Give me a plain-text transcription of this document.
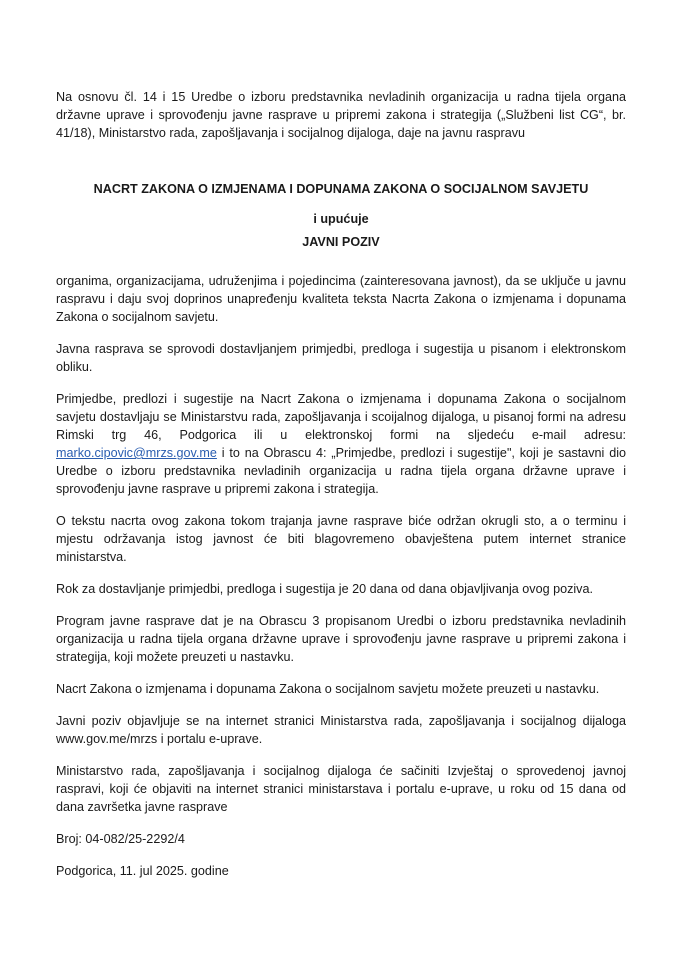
Na osnovu čl. 14 i 15 Uredbe o izboru predstavnika nevladinih organizacija u radna tijela organa državne uprave i sprovođenju javne rasprave u pripremi zakona i strategija („Službeni list CG“, br. 41/18), Ministarstvo rada, zapošljavanja i socijalnog dijaloga, daje na javnu raspravu

NACRT ZAKONA O IZMJENAMA I DOPUNAMA ZAKONA O SOCIJALNOM SAVJETU

i upućuje

JAVNI POZIV

organima, organizacijama, udruženjima i pojedincima (zainteresovana javnost), da se uključe u javnu raspravu i daju svoj doprinos unapređenju kvaliteta teksta Nacrta Zakona o izmjenama i dopunama Zakona o socijalnom savjetu.

Javna rasprava se sprovodi dostavljanjem primjedbi, predloga i sugestija u pisanom i elektronskom obliku.

Primjedbe, predlozi i sugestije na Nacrt Zakona o izmjenama i dopunama Zakona o socijalnom savjetu dostavljaju se Ministarstvu rada, zapošljavanja i scoijalnog dijaloga, u pisanoj formi na adresu Rimski trg 46, Podgorica ili u elektronskoj formi na sljedeću e-mail adresu: marko.cipovic@mrzs.gov.me i to na Obrascu 4: „Primjedbe, predlozi i sugestije", koji je sastavni dio Uredbe o izboru predstavnika nevladinih organizacija u radna tijela organa državne uprave i sprovođenju javne rasprave u pripremi zakona i strategija.

O tekstu nacrta ovog zakona tokom trajanja javne rasprave biće održan okrugli sto, a o terminu i mjestu održavanja istog javnost će biti blagovremeno obavještena putem internet stranice ministarstva.

Rok za dostavljanje primjedbi, predloga i sugestija je 20 dana od dana objavljivanja ovog poziva.

Program javne rasprave dat je na Obrascu 3 propisanom Uredbi o izboru predstavnika nevladinih organizacija u radna tijela organa državne uprave i sprovođenju javne rasprave u pripremi zakona i strategija, koji možete preuzeti u nastavku.

Nacrt Zakona o izmjenama i dopunama Zakona o socijalnom savjetu možete preuzeti u nastavku.

Javni poziv objavljuje se na internet stranici Ministarstva rada, zapošljavanja i socijalnog dijaloga www.gov.me/mrzs i portalu e-uprave.

Ministarstvo rada, zapošljavanja i socijalnog dijaloga će sačiniti Izvještaj o sprovedenoj javnoj raspravi, koji će objaviti na internet stranici ministarstava i portalu e-uprave, u roku od 15 dana od dana završetka javne rasprave

Broj: 04-082/25-2292/4

Podgorica, 11. jul 2025. godine
